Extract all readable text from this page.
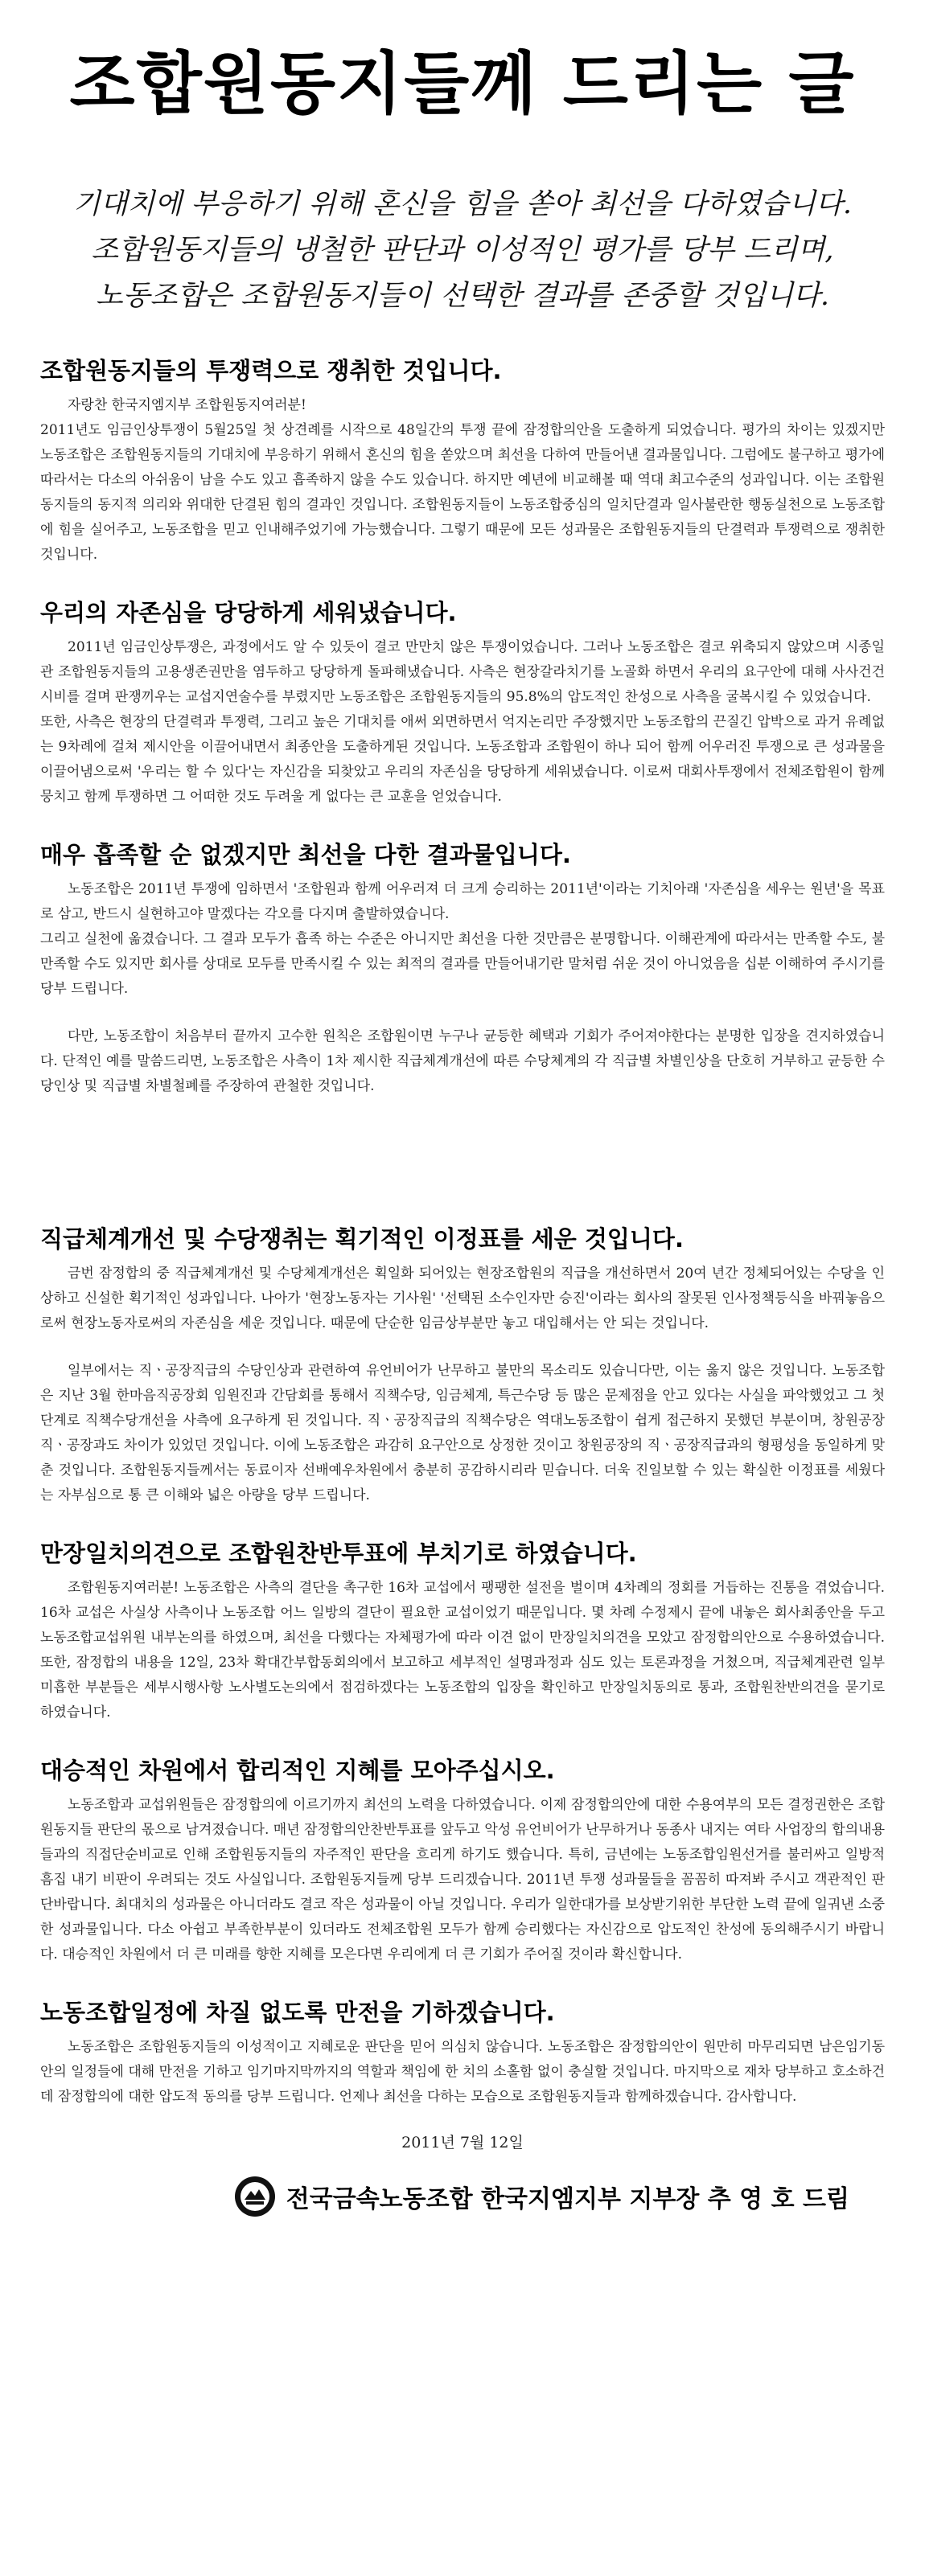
조합원동지들께 드리는 글
기대치에 부응하기 위해 혼신을 힘을 쏟아 최선을 다하였습니다.
조합원동지들의 냉철한 판단과 이성적인 평가를 당부 드리며,
노동조합은 조합원동지들이 선택한 결과를 존중할 것입니다.
조합원동지들의 투쟁력으로 쟁취한 것입니다.

자랑찬 한국지엠지부 조합원동지여러분!

2011년도 임금인상투쟁이 5월25일 첫 상견례를 시작으로 48일간의 투쟁 끝에 잠정합의안을 도출하게 되었습니다. 평가의 차이는 있겠지만 노동조합은 조합원동지들의 기대치에 부응하기 위해서 혼신의 힘을 쏟았으며 최선을 다하여 만들어낸 결과물입니다. 그럼에도 불구하고 평가에 따라서는 다소의 아쉬움이 남을 수도 있고 흡족하지 않을 수도 있습니다. 하지만 예년에 비교해볼 때 역대 최고수준의 성과입니다. 이는 조합원동지들의 동지적 의리와 위대한 단결된 힘의 결과인 것입니다. 조합원동지들이 노동조합중심의 일치단결과 일사불란한 행동실천으로 노동조합에 힘을 실어주고, 노동조합을 믿고 인내해주었기에 가능했습니다. 그렇기 때문에 모든 성과물은 조합원동지들의 단결력과 투쟁력으로 쟁취한 것입니다.

우리의 자존심을 당당하게 세워냈습니다.

2011년 임금인상투쟁은, 과정에서도 알 수 있듯이 결코 만만치 않은 투쟁이었습니다. 그러나 노동조합은 결코 위축되지 않았으며 시종일관 조합원동지들의 고용생존권만을 염두하고 당당하게 돌파해냈습니다. 사측은 현장갈라치기를 노골화 하면서 우리의 요구안에 대해 사사건건 시비를 걸며 판쟁끼우는 교섭지연술수를 부렸지만 노동조합은 조합원동지들의 95.8%의 압도적인 찬성으로 사측을 굴복시킬 수 있었습니다.

또한, 사측은 현장의 단결력과 투쟁력, 그리고 높은 기대치를 애써 외면하면서 억지논리만 주장했지만 노동조합의 끈질긴 압박으로 과거 유례없는 9차례에 걸쳐 제시안을 이끌어내면서 최종안을 도출하게된 것입니다. 노동조합과 조합원이 하나 되어 함께 어우러진 투쟁으로 큰 성과물을 이끌어냄으로써 '우리는 할 수 있다'는 자신감을 되찾았고 우리의 자존심을 당당하게 세워냈습니다. 이로써 대회사투쟁에서 전체조합원이 함께 뭉치고 함께 투쟁하면 그 어떠한 것도 두려울 게 없다는 큰 교훈을 얻었습니다.

매우 흡족할 순 없겠지만 최선을 다한 결과물입니다.

노동조합은 2011년 투쟁에 임하면서 '조합원과 함께 어우러져 더 크게 승리하는 2011년'이라는 기치아래 '자존심을 세우는 원년'을 목표로 삼고, 반드시 실현하고야 말겠다는 각오를 다지며 출발하였습니다.

그리고 실천에 옮겼습니다. 그 결과 모두가 흡족 하는 수준은 아니지만 최선을 다한 것만큼은 분명합니다. 이해관계에 따라서는 만족할 수도, 불만족할 수도 있지만 회사를 상대로 모두를 만족시킬 수 있는 최적의 결과를 만들어내기란 말처럼 쉬운 것이 아니었음을 십분 이해하여 주시기를 당부 드립니다.

다만, 노동조합이 처음부터 끝까지 고수한 원칙은 조합원이면 누구나 균등한 혜택과 기회가 주어져야한다는 분명한 입장을 견지하였습니다. 단적인 예를 말씀드리면, 노동조합은 사측이 1차 제시한 직급체계개선에 따른 수당체계의 각 직급별 차별인상을 단호히 거부하고 균등한 수당인상 및 직급별 차별철폐를 주장하여 관철한 것입니다.

직급체계개선 및 수당쟁취는 획기적인 이정표를 세운 것입니다.

금번 잠정합의 중 직급체계개선 및 수당체계개선은 획일화 되어있는 현장조합원의 직급을 개선하면서 20여 년간 정체되어있는 수당을 인상하고 신설한 획기적인 성과입니다. 나아가 '현장노동자는 기사원' '선택된 소수인자만 승진'이라는 회사의 잘못된 인사정책등식을 바꿔놓음으로써 현장노동자로써의 자존심을 세운 것입니다. 때문에 단순한 임금상부분만 놓고 대입해서는 안 되는 것입니다.

일부에서는 직ㆍ공장직급의 수당인상과 관련하여 유언비어가 난무하고 불만의 목소리도 있습니다만, 이는 옳지 않은 것입니다. 노동조합은 지난 3월 한마음직공장회 임원진과 간담회를 통해서 직책수당, 임금체계, 특근수당 등 많은 문제점을 안고 있다는 사실을 파악했었고 그 첫 단계로 직책수당개선을 사측에 요구하게 된 것입니다. 직ㆍ공장직급의 직책수당은 역대노동조합이 쉽게 접근하지 못했던 부분이며, 창원공장 직ㆍ공장과도 차이가 있었던 것입니다. 이에 노동조합은 과감히 요구안으로 상정한 것이고 창원공장의 직ㆍ공장직급과의 형평성을 동일하게 맞춘 것입니다. 조합원동지들께서는 동료이자 선배예우차원에서 충분히 공감하시리라 믿습니다. 더욱 진일보할 수 있는 확실한 이정표를 세웠다는 자부심으로 통 큰 이해와 넓은 아량을 당부 드립니다.

만장일치의견으로 조합원찬반투표에 부치기로 하였습니다.

조합원동지여러분! 노동조합은 사측의 결단을 촉구한 16차 교섭에서 팽팽한 설전을 벌이며 4차례의 정회를 거듭하는 진통을 겪었습니다. 16차 교섭은 사실상 사측이나 노동조합 어느 일방의 결단이 필요한 교섭이었기 때문입니다. 몇 차례 수정제시 끝에 내놓은 회사최종안을 두고 노동조합교섭위원 내부논의를 하였으며, 최선을 다했다는 자체평가에 따라 이견 없이 만장일치의견을 모았고 잠정합의안으로 수용하였습니다. 또한, 잠정합의 내용을 12일, 23차 확대간부합동회의에서 보고하고 세부적인 설명과정과 심도 있는 토론과정을 거쳤으며, 직급체계관련 일부 미흡한 부분들은 세부시행사항 노사별도논의에서 점검하겠다는 노동조합의 입장을 확인하고 만장일치동의로 통과, 조합원찬반의견을 묻기로 하였습니다.

대승적인 차원에서 합리적인 지혜를 모아주십시오.

노동조합과 교섭위원들은 잠정합의에 이르기까지 최선의 노력을 다하였습니다. 이제 잠정합의안에 대한 수용여부의 모든 결정권한은 조합원동지들 판단의 몫으로 남겨졌습니다. 매년 잠정합의안찬반투표를 앞두고 악성 유언비어가 난무하거나 동종사 내지는 여타 사업장의 합의내용들과의 직접단순비교로 인해 조합원동지들의 자주적인 판단을 흐리게 하기도 했습니다. 특히, 금년에는 노동조합임원선거를 불러싸고 일방적 흠집 내기 비판이 우려되는 것도 사실입니다. 조합원동지들께 당부 드리겠습니다. 2011년 투쟁 성과물들을 꼼꼼히 따져봐 주시고 객관적인 판단바랍니다. 최대치의 성과물은 아니더라도 결코 작은 성과물이 아닐 것입니다. 우리가 일한대가를 보상받기위한 부단한 노력 끝에 일궈낸 소중한 성과물입니다. 다소 아쉽고 부족한부분이 있더라도 전체조합원 모두가 함께 승리했다는 자신감으로 압도적인 찬성에 동의해주시기 바랍니다. 대승적인 차원에서 더 큰 미래를 향한 지혜를 모은다면 우리에게 더 큰 기회가 주어질 것이라 확신합니다.

노동조합일정에 차질 없도록 만전을 기하겠습니다.

노동조합은 조합원동지들의 이성적이고 지혜로운 판단을 믿어 의심치 않습니다. 노동조합은 잠정합의안이 원만히 마무리되면 남은임기동안의 일정들에 대해 만전을 기하고 임기마지막까지의 역할과 책임에 한 치의 소홀함 없이 충실할 것입니다. 마지막으로 재차 당부하고 호소하건데 잠정합의에 대한 압도적 동의를 당부 드립니다. 언제나 최선을 다하는 모습으로 조합원동지들과 함께하겠습니다. 감사합니다.

2011년 7월 12일
전국금속노동조합 한국지엠지부 지부장 추 영 호 드림
